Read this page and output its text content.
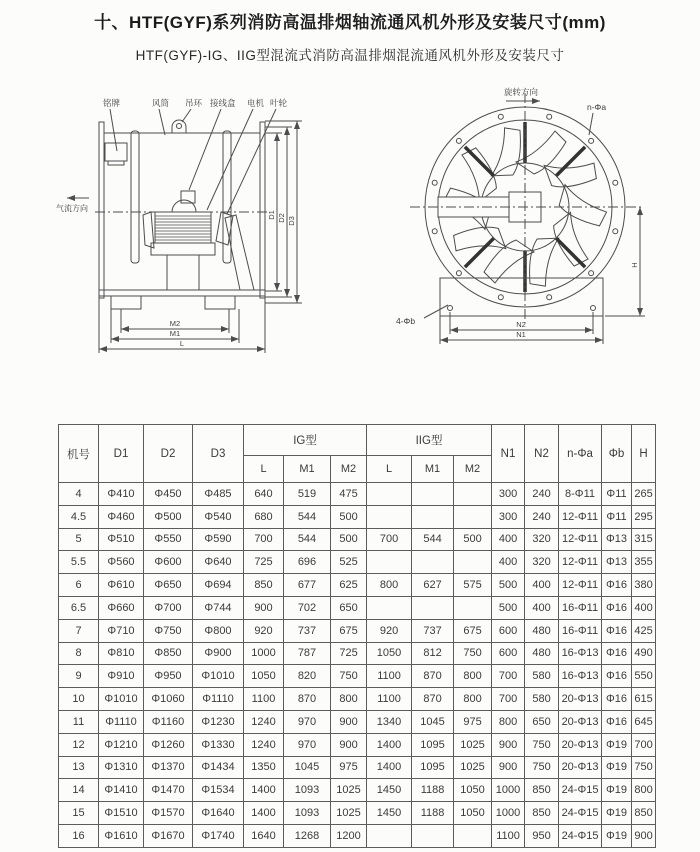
十、HTF(GYF)系列消防高温排烟轴流通风机外形及安装尺寸(mm)
HTF(GYF)-IG、IIG型混流式消防高温排烟混流通风机外形及安装尺寸
铭牌	风筒 吊环 接线盒 电机 叶轮
气流方向
D1 D2 D3
M2
M1
L
旋转方向
n-Φa
4-Φb	N2
N1
H
机号	D1	D2	D3	IG型			IIG型			N1	N2	n-Φa	Φb	H
				L	M1	M2	L	M1	M2					
4	Φ410	Φ450	Φ485	640	519	475				300	240	8-Φ11	Φ11	265
4.5	Φ460	Φ500	Φ540	680	544	500				300	240	12-Φ11	Φ11	295
5	Φ510	Φ550	Φ590	700	544	500	700	544	500	400	320	12-Φ11	Φ13	315
5.5	Φ560	Φ600	Φ640	725	696	525				400	320	12-Φ11	Φ13	355
6	Φ610	Φ650	Φ694	850	677	625	800	627	575	500	400	12-Φ11	Φ16	380
6.5	Φ660	Φ700	Φ744	900	702	650				500	400	16-Φ11	Φ16	400
7	Φ710	Φ750	Φ800	920	737	675	920	737	675	600	480	16-Φ11	Φ16	425
8	Φ810	Φ850	Φ900	1000	787	725	1050	812	750	600	480	16-Φ13	Φ16	490
9	Φ910	Φ950	Φ1010	1050	820	750	1100	870	800	700	580	16-Φ13	Φ16	550
10	Φ1010	Φ1060	Φ1110	1100	870	800	1100	870	800	700	580	20-Φ13	Φ16	615
11	Φ1110	Φ1160	Φ1230	1240	970	900	1340	1045	975	800	650	20-Φ13	Φ16	645
12	Φ1210	Φ1260	Φ1330	1240	970	900	1400	1095	1025	900	750	20-Φ13	Φ19	700
13	Φ1310	Φ1370	Φ1434	1350	1045	975	1400	1095	1025	900	750	20-Φ13	Φ19	750
14	Φ1410	Φ1470	Φ1534	1400	1093	1025	1450	1188	1050	1000	850	24-Φ15	Φ19	800
15	Φ1510	Φ1570	Φ1640	1400	1093	1025	1450	1188	1050	1000	850	24-Φ15	Φ19	850
16	Φ1610	Φ1670	Φ1740	1640	1268	1200				1100	950	24-Φ15	Φ19	900
